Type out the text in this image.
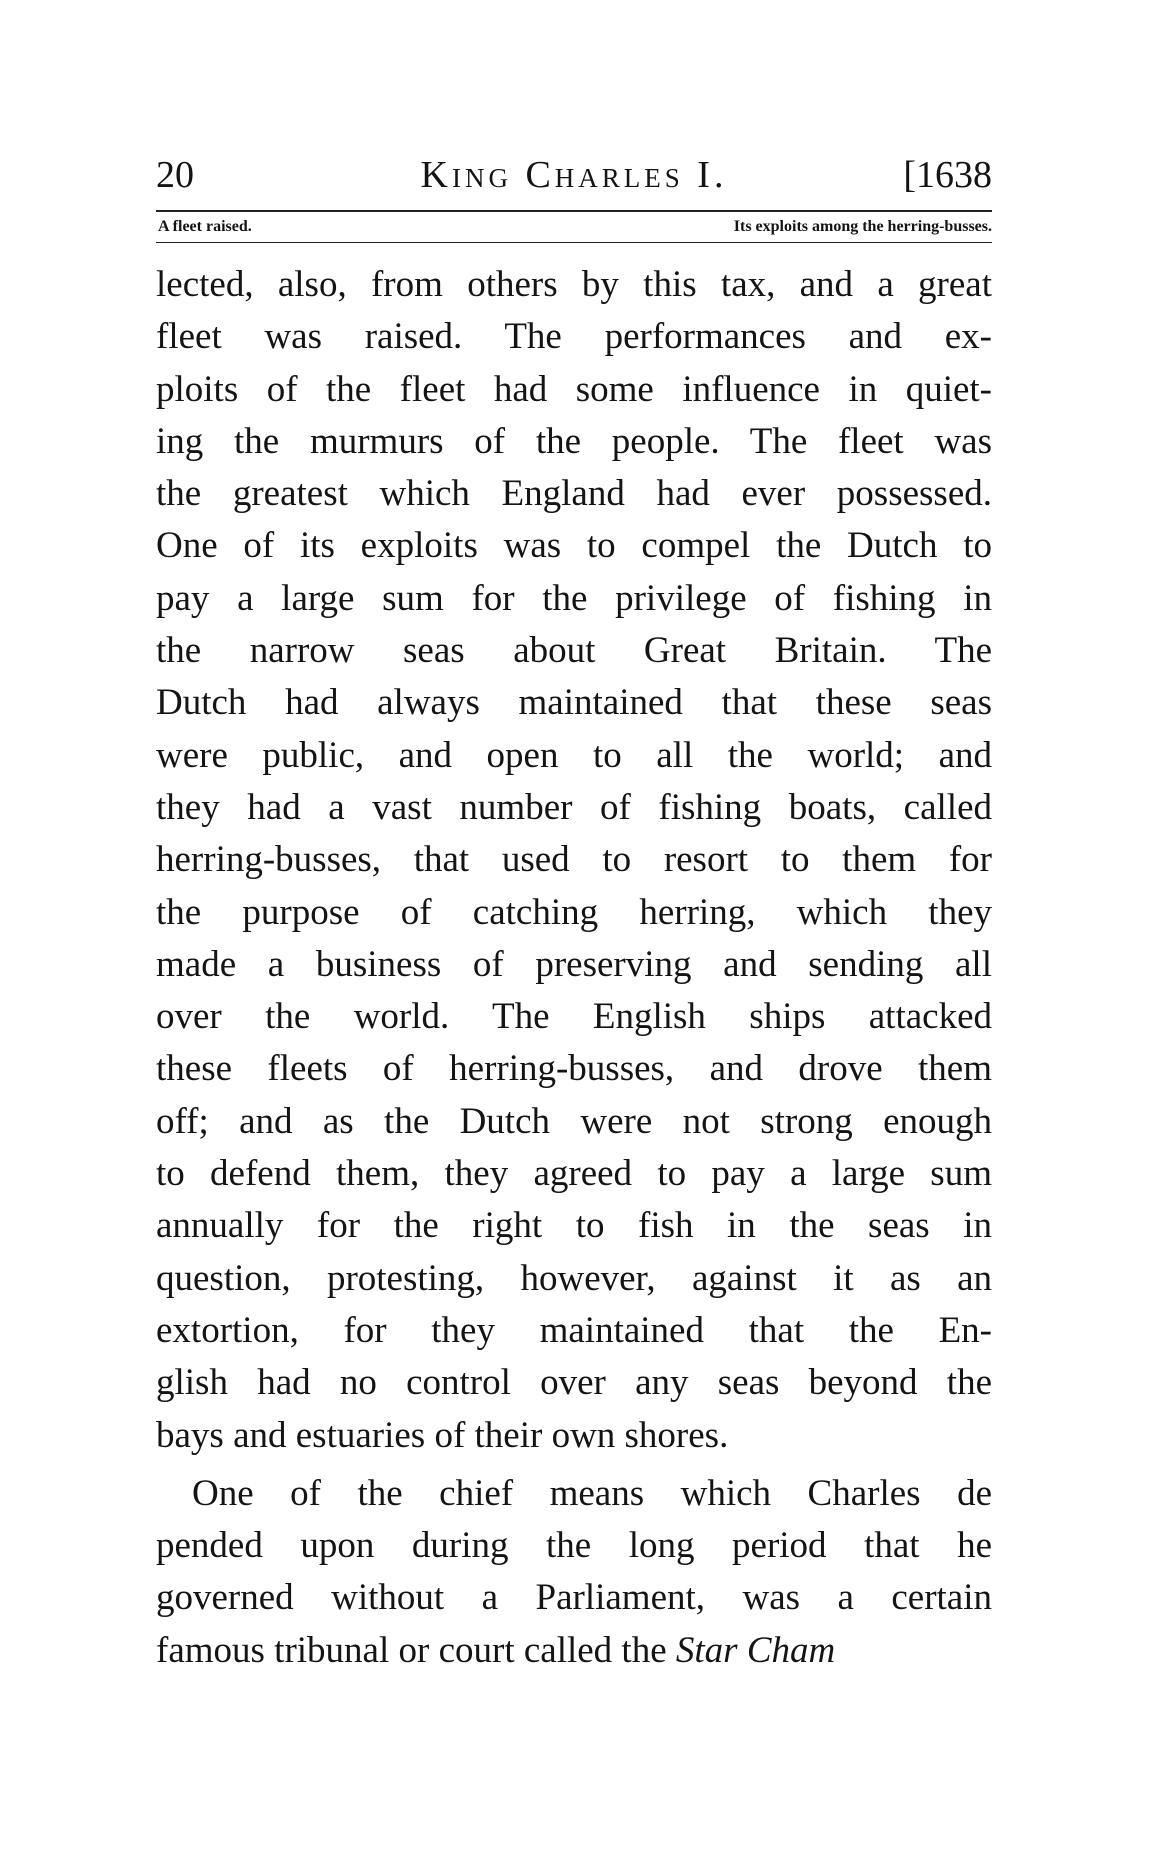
20	King Charles I.	[1638
A fleet raised.	Its exploits among the herring-busses.
lected, also, from others by this tax, and a great
fleet was raised. The performances and ex-
ploits of the fleet had some influence in quiet-
ing the murmurs of the people. The fleet was
the greatest which England had ever possessed.
One of its exploits was to compel the Dutch to
pay a large sum for the privilege of fishing in
the narrow seas about Great Britain. The
Dutch had always maintained that these seas
were public, and open to all the world; and
they had a vast number of fishing boats, called
herring-busses, that used to resort to them for
the purpose of catching herring, which they
made a business of preserving and sending all
over the world. The English ships attacked
these fleets of herring-busses, and drove them
off; and as the Dutch were not strong enough
to defend them, they agreed to pay a large sum
annually for the right to fish in the seas in
question, protesting, however, against it as an
extortion, for they maintained that the En-
glish had no control over any seas beyond the
bays and estuaries of their own shores.
One of the chief means which Charles de
pended upon during the long period that he
governed without a Parliament, was a certain
famous tribunal or court called the Star Cham
